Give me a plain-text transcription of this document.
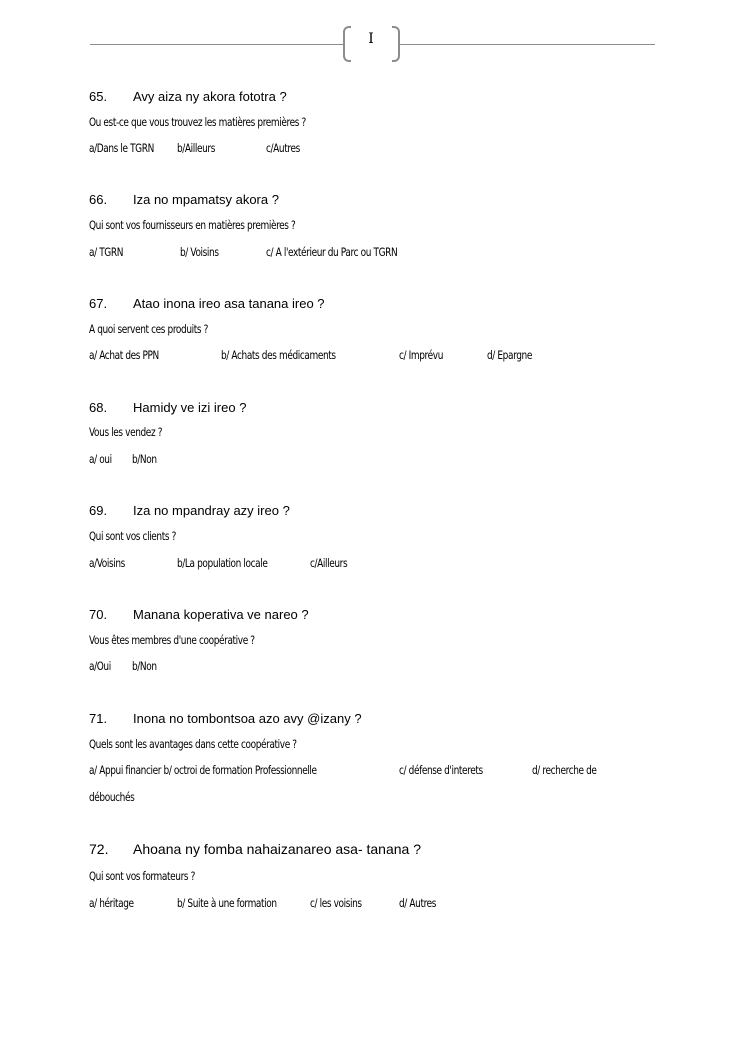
I
65. Avy aiza ny akora fototra ?
Ou est-ce que vous trouvez les matières premières ?
a/Dans le TGRN b/Ailleurs	c/Autres
66. Iza no mpamatsy akora ?
Qui sont vos fournisseurs en matières premières ?
a/ TGRN	b/ Voisins	c/ A l'extérieur du Parc ou TGRN
67. Atao inona ireo asa tanana ireo ?
A quoi servent ces produits ?
a/ Achat des PPN	b/ Achats des médicaments	c/ Imprévu	d/ Epargne
68. Hamidy ve izi ireo ?
Vous les vendez ?
a/ oui b/Non
69. Iza no mpandray azy ireo ?
Qui sont vos clients ?
a/Voisins	b/La population locale	c/Ailleurs
70. Manana koperativa ve nareo ?
Vous êtes membres d'une coopérative ?
a/Oui b/Non
71. Inona no tombontsoa azo avy @izany ?
Quels sont les avantages dans cette coopérative ?
a/ Appui financier b/ octroi de formation Professionnelle	c/ défense d'interets	d/ recherche de
débouchés
72. Ahoana ny fomba nahaizanareo asa- tanana ?
Qui sont vos formateurs ?
a/ héritage	b/ Suite à une formation	c/ les voisins	d/ Autres
